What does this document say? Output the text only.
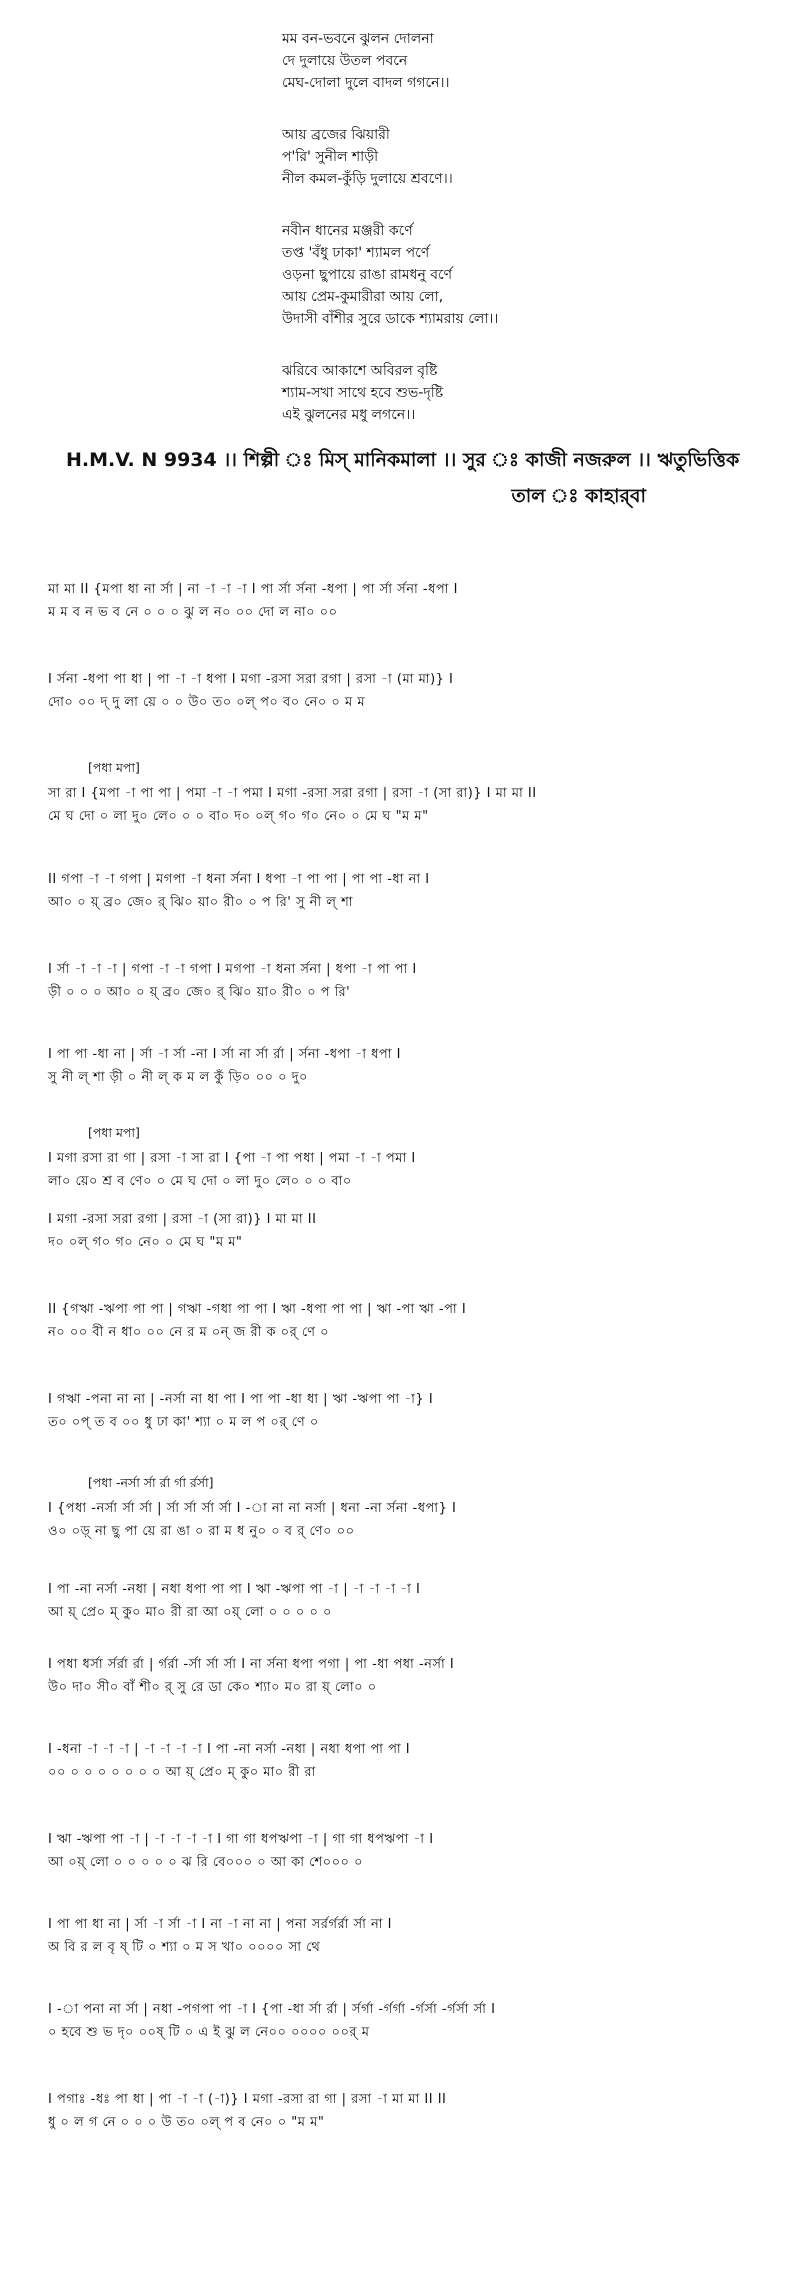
মম বন-ভবনে ঝুলন দোলনা
দে দুলায়ে উতল পবনে
মেঘ-দোলা দুলে বাদল গগনে।।
আয় ব্রজের ঝিয়ারী
প'রি' সুনীল শাড়ী
নীল কমল-কুঁড়ি দুলায়ে শ্রবণে।।
নবীন ধানের মঞ্জরী কর্ণে
তপ্ত 'বঁধু ঢাকা' শ্যামল পর্ণে
ওড়না ছুপায়ে রাঙা রামধনু বর্ণে
আয় প্রেম-কুমারীরা আয় লো,
উদাসী বাঁশীর সুরে ডাকে শ্যামরায় লো।।
ঝরিবে আকাশে অবিরল বৃষ্টি
শ্যাম-সখা সাথে হবে শুভ-দৃষ্টি
এই ঝুলনের মধু লগনে।।
H.M.V. N 9934 ।। শিল্পী ঃ মিস্ মানিকমালা ।। সুর ঃ কাজী নজরুল ।। ঋতুভিত্তিক
তাল ঃ কাহার্‌বা
মা মা II {মপা ধা না র্সা | না -া -া -া I পা র্সা র্সনা -ধপা | পা র্সা র্সনা -ধপা I
ম ম ব ন ভ ব নে ০ ০ ০ ঝু ল ন০ ০০ দো ল না০ ০০
I র্সনা -ধপা পা ধা | পা -া -া ধপা I মগা -রসা সরা রগা | রসা -া (মা মা)} I
দো০ ০০ দ্ দু লা য়ে ০ ০ উ০ ত০ ০ল্ প০ ব০ নে০ ০ ম ম
[পধা মপা]
সা রা I {মপা -া পা পা | পমা -া -া পমা I মগা -রসা সরা রগা | রসা -া (সা রা)} I মা মা II
মে ঘ দো ০ লা দু০ লে০ ০ ০ বা০ দ০ ০ল্ গ০ গ০ নে০ ০ মে ঘ "ম ম"
II গপা -া -া গপা | মগপা -া ধনা র্সনা I ধপা -া পা পা | পা পা -ধা না I
আ০ ০ য়্ ব্র০ জে০ র্ ঝি০ য়া০ রী০ ০ প রি' সু নী ল্ শা
I র্সা -া -া -া | গপা -া -া গপা I মগপা -া ধনা র্সনা | ধপা -া পা পা I
ড়ী ০ ০ ০ আ০ ০ য়্ ব্র০ জে০ র্ ঝি০ য়া০ রী০ ০ প রি'
I পা পা -ধা না | র্সা -া র্সা -না I র্সা না র্সা র্রা | র্সনা -ধপা -া ধপা I
সু নী ল্ শা ড়ী ০ নী ল্ ক ম ল কুঁ ড়ি০ ০০ ০ দু০
[পধা মপা]
I মগা রসা রা গা | রসা -া সা রা I {পা -া পা পধা | পমা -া -া পমা I
লা০ য়ে০ শ্র ব ণে০ ০ মে ঘ দো ০ লা দু০ লে০ ০ ০ বা০
I মগা -রসা সরা রগা | রসা -া (সা রা)} I মা মা II
দ০ ০ল্ গ০ গ০ নে০ ০ মে ঘ "ম ম"
II {গঋা -ঋপা পা পা | গঋা -গধা পা পা I ঋা -ধপা পা পা | ঋা -পা ঋা -পা I
ন০ ০০ বী ন ধা০ ০০ নে র ম ০ন্ জ রী ক ০র্ ণে ০
I গঋা -পনা না না | -নর্সা না ধা পা I পা পা -ধা ধা | ঋা -ঋপা পা -া} I
ত০ ০প্ ত ব ০০ ধু ঢা কা' শ্যা ০ ম ল প ০র্ ণে ০
[পধা -নর্সা র্সা র্রা র্গা র্রর্সা]
I {পধা -নর্সা র্সা র্সা | র্সা র্সা র্সা র্সা I -া না না নর্সা | ধনা -না র্সনা -ধপা} I
ও০ ০ড়্ না ছু পা য়ে রা ঙা ০ রা ম ধ নু০ ০ ব র্ ণে০ ০০
I পা -না নর্সা -নধা | নধা ধপা পা পা I ঋা -ঋপা পা -া | -া -া -া -া I
আ য়্ প্রে০ ম্ কু০ মা০ রী রা আ ০য়্ লো ০ ০ ০ ০ ০
I পধা ধর্সা র্সর্রা র্রা | র্গর্রা -র্সা র্সা র্সা I না র্সনা ধপা পগা | পা -ধা পধা -নর্সা I
উ০ দা০ সী০ বাঁ শী০ র্ সু রে ডা কে০ শ্যা০ ম০ রা য়্ লো০ ০
I -ধনা -া -া -া | -া -া -া -া I পা -না নর্সা -নধা | নধা ধপা পা পা I
০০ ০ ০ ০ ০ ০ ০ ০ আ য়্ প্রে০ ম্ কু০ মা০ রী রা
I ঋা -ঋপা পা -া | -া -া -া -া I গা গা ধপঋপা -া | গা গা ধপঋপা -া I
আ ০য়্ লো ০ ০ ০ ০ ০ ঝ রি বে০০০ ০ আ কা শে০০০ ০
I পা পা ধা না | র্সা -া র্সা -া I না -া না না | পনা সর্রর্গর্রা র্সা না I
অ বি র ল বৃ ষ্ টি ০ শ্যা ০ ম স খা০ ০০০০ সা থে
I -া পনা না র্সা | নধা -পগপা পা -া I {পা -ধা র্সা র্রা | র্সর্গা -র্গর্গা -র্গর্সা -র্গর্সা র্সা I
০ হবে শু ভ দৃ০ ০০ষ্ টি ০ এ ই ঝু ল নে০০ ০০০০ ০০র্ ম
I পগাঃ -ধঃ পা ধা | পা -া -া (-া)} I মগা -রসা রা গা | রসা -া মা মা II II
ধু ০ ল গ নে ০ ০ ০ উ ত০ ০ল্ প ব নে০ ০ "ম ম"
